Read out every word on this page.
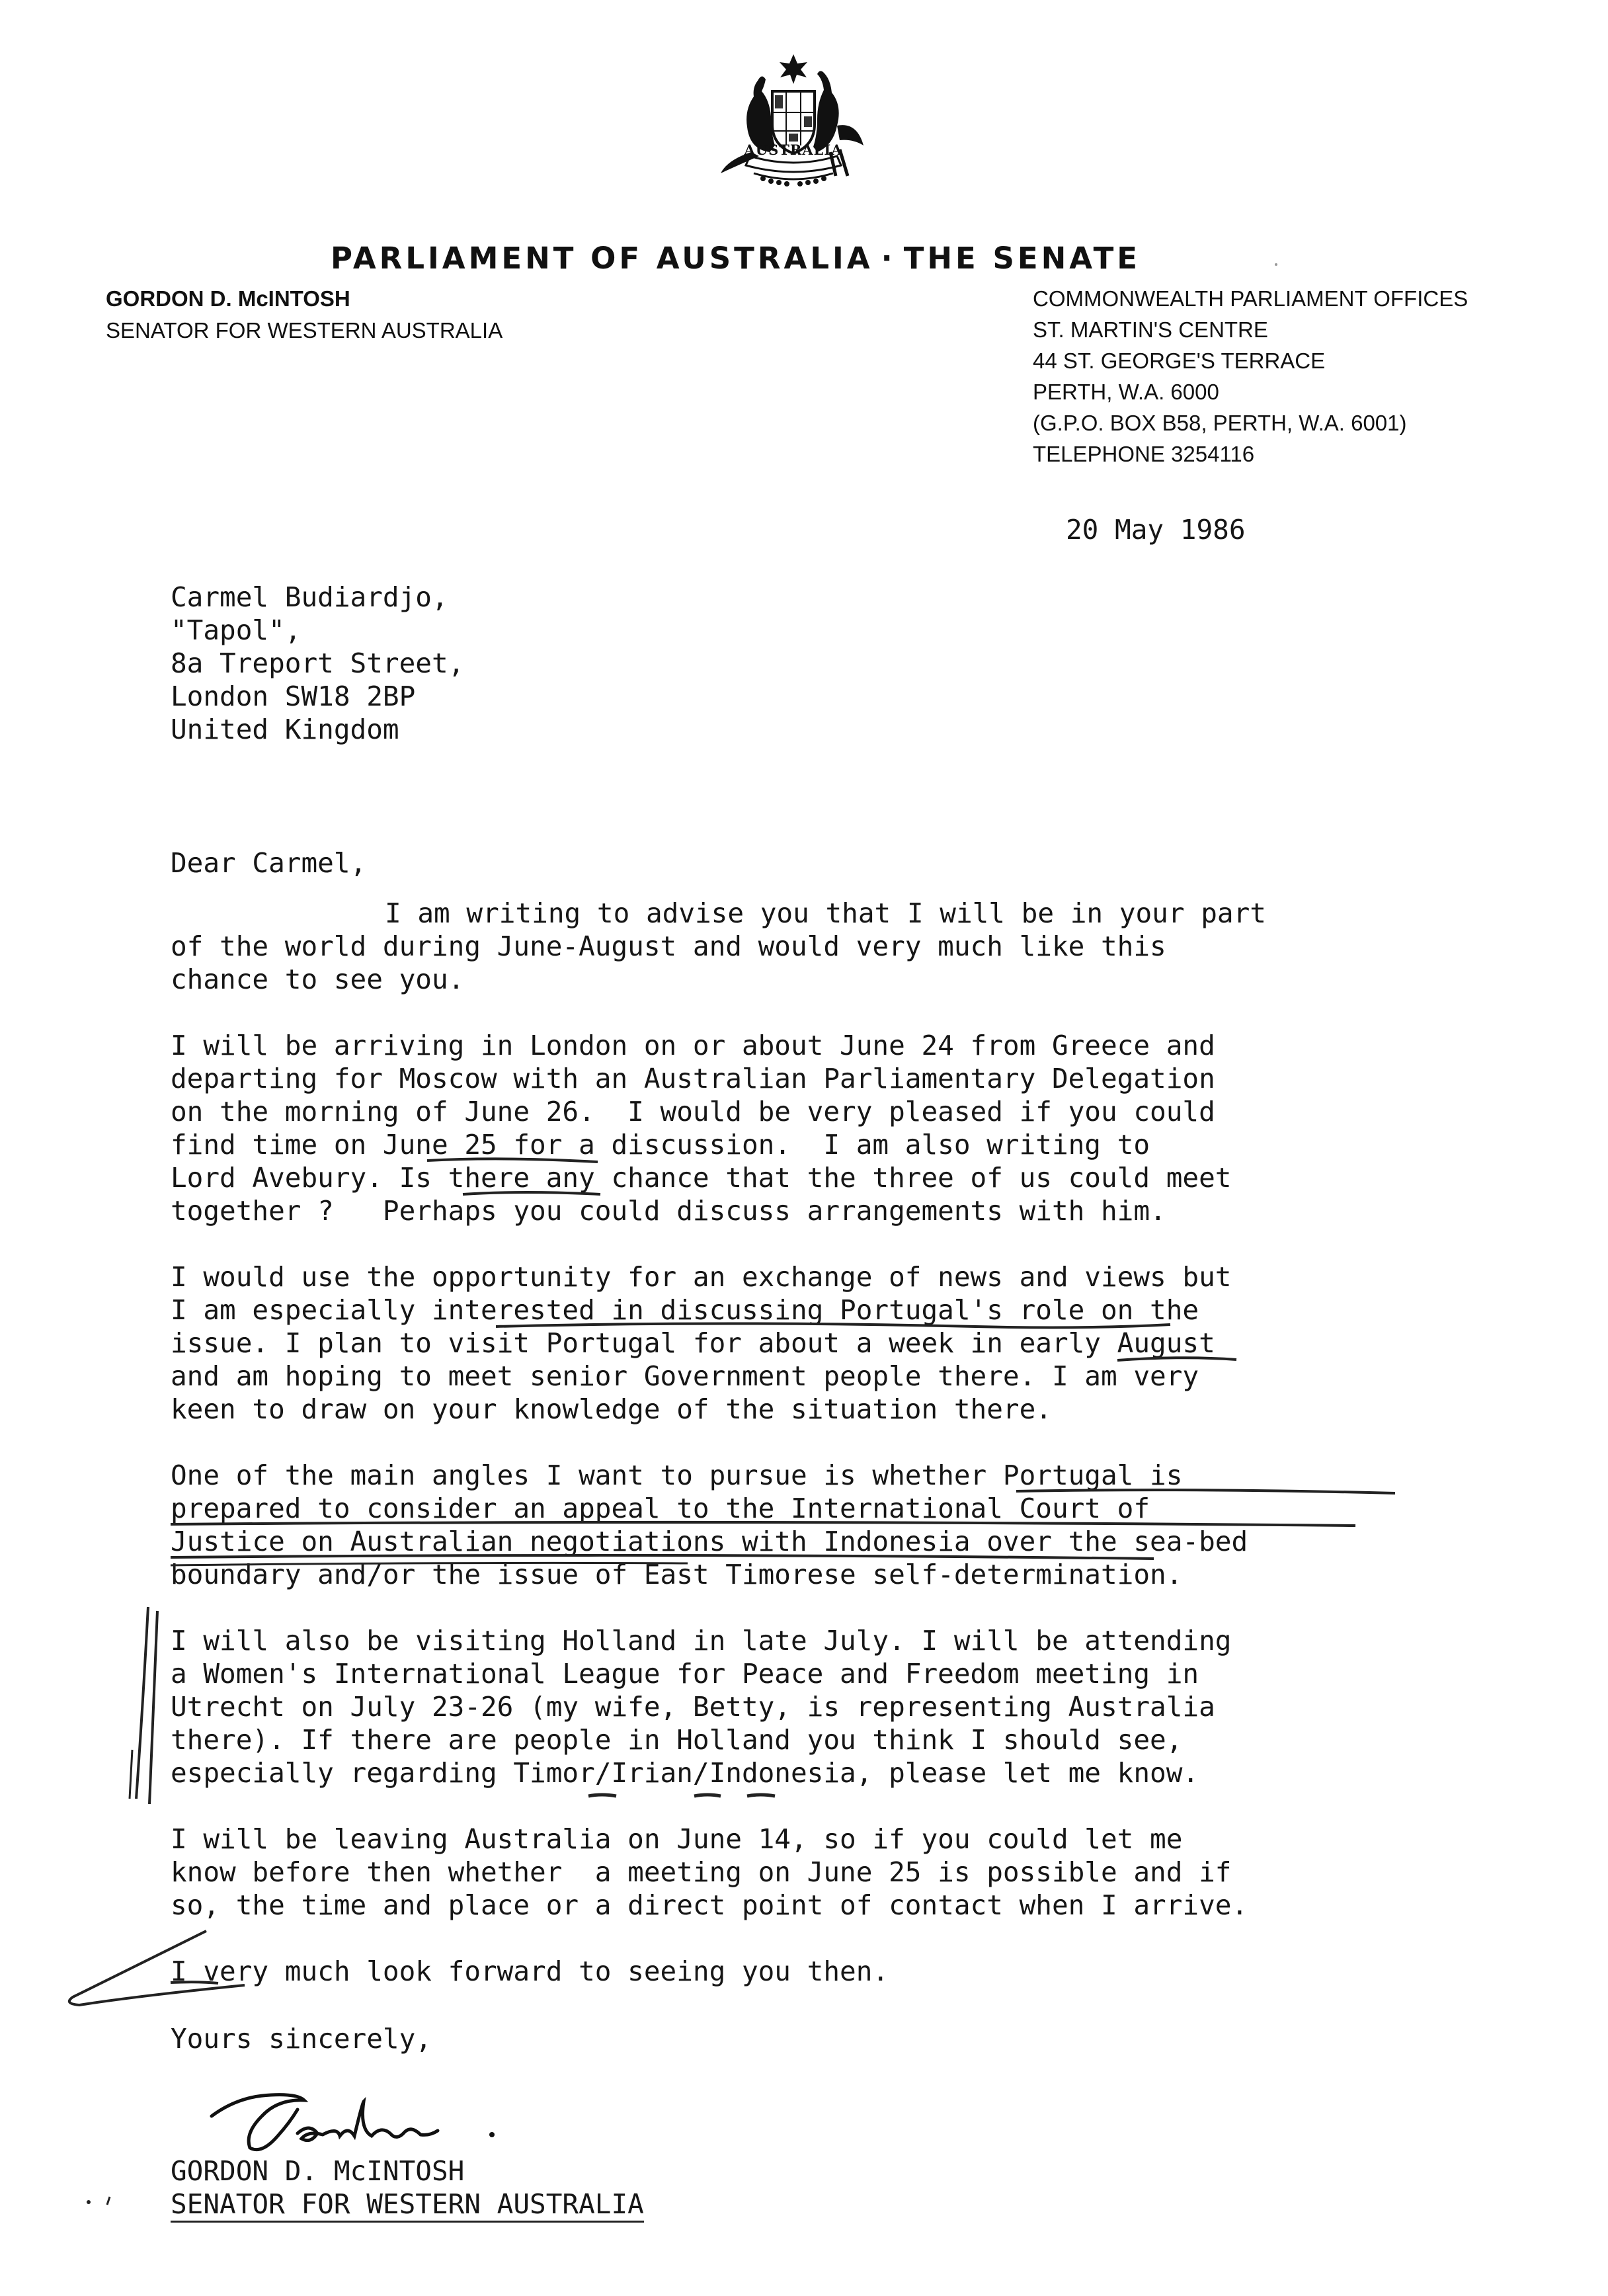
AUSTRALIA
PARLIAMENT OF AUSTRALIA · THE SENATE
GORDON D. McINTOSH
SENATOR FOR WESTERN AUSTRALIA
COMMONWEALTH PARLIAMENT OFFICES
ST. MARTIN'S CENTRE
44 ST. GEORGE'S TERRACE
PERTH, W.A. 6000
(G.P.O. BOX B58, PERTH, W.A. 6001)
TELEPHONE 3254116
20 May 1986
Carmel Budiardjo,
"Tapol",
8a Treport Street,
London SW18 2BP
United Kingdom
Dear Carmel,
I am writing to advise you that I will be in your part
of the world during June-August and would very much like this
chance to see you.
I will be arriving in London on or about June 24 from Greece and
departing for Moscow with an Australian Parliamentary Delegation
on the morning of June 26.  I would be very pleased if you could
find time on June 25 for a discussion.  I am also writing to
Lord Avebury. Is there any chance that the three of us could meet
together ?   Perhaps you could discuss arrangements with him.
I would use the opportunity for an exchange of news and views but
I am especially interested in discussing Portugal's role on the
issue. I plan to visit Portugal for about a week in early August
and am hoping to meet senior Government people there. I am very
keen to draw on your knowledge of the situation there.
One of the main angles I want to pursue is whether Portugal is
prepared to consider an appeal to the International Court of
Justice on Australian negotiations with Indonesia over the sea-bed
boundary and/or the issue of East Timorese self-determination.
I will also be visiting Holland in late July. I will be attending
a Women's International League for Peace and Freedom meeting in
Utrecht on July 23-26 (my wife, Betty, is representing Australia
there). If there are people in Holland you think I should see,
especially regarding Timor/Irian/Indonesia, please let me know.
I will be leaving Australia on June 14, so if you could let me
know before then whether  a meeting on June 25 is possible and if
so, the time and place or a direct point of contact when I arrive.
I very much look forward to seeing you then.
Yours sincerely,
GORDON D. McINTOSH
SENATOR FOR WESTERN AUSTRALIA
